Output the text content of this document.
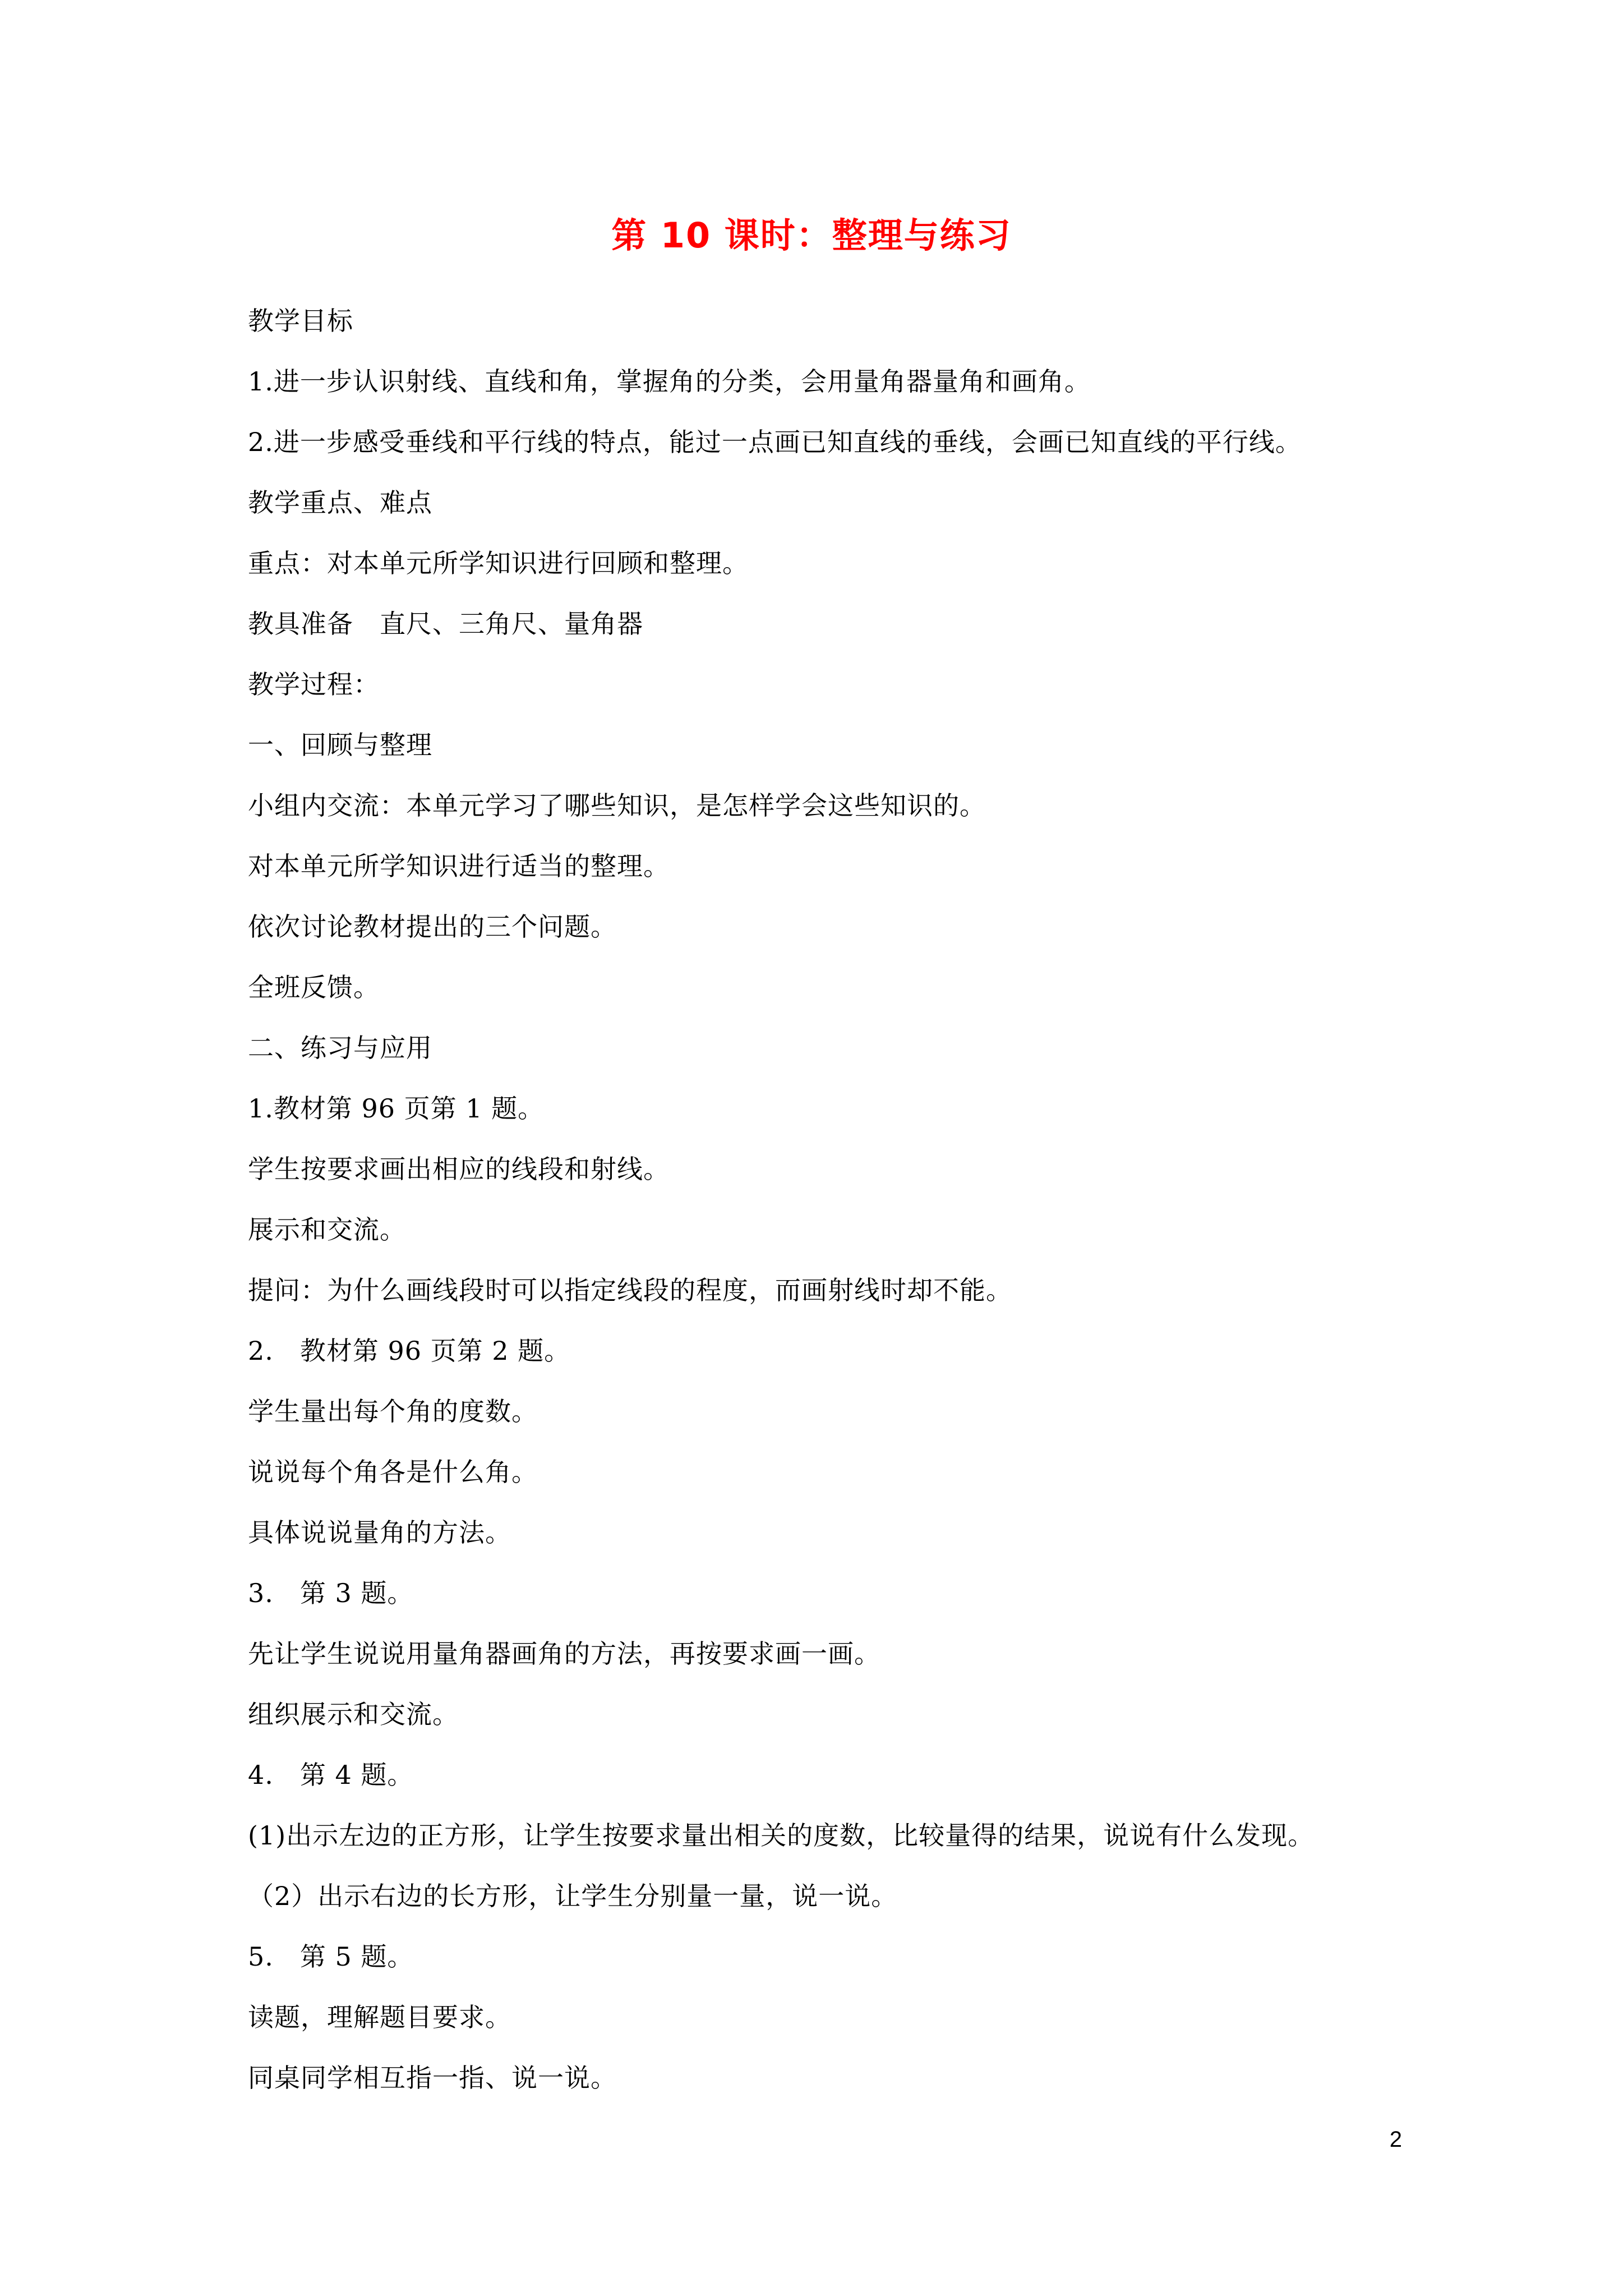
第 10 课时：整理与练习
教学目标
1.进一步认识射线、直线和角，掌握角的分类，会用量角器量角和画角。
2.进一步感受垂线和平行线的特点，能过一点画已知直线的垂线，会画已知直线的平行线。
教学重点、难点
重点：对本单元所学知识进行回顾和整理。
教具准备　直尺、三角尺、量角器
教学过程：
一、回顾与整理
小组内交流：本单元学习了哪些知识，是怎样学会这些知识的。
对本单元所学知识进行适当的整理。
依次讨论教材提出的三个问题。
全班反馈。
二、练习与应用
1.教材第 96 页第 1 题。
学生按要求画出相应的线段和射线。
展示和交流。
提问：为什么画线段时可以指定线段的程度，而画射线时却不能。
2.　教材第 96 页第 2 题。
学生量出每个角的度数。
说说每个角各是什么角。
具体说说量角的方法。
3.　第 3 题。
先让学生说说用量角器画角的方法，再按要求画一画。
组织展示和交流。
4.　第 4 题。
(1)出示左边的正方形，让学生按要求量出相关的度数，比较量得的结果，说说有什么发现。
（2）出示右边的长方形，让学生分别量一量，说一说。
5.　第 5 题。
读题，理解题目要求。
同桌同学相互指一指、说一说。
2
